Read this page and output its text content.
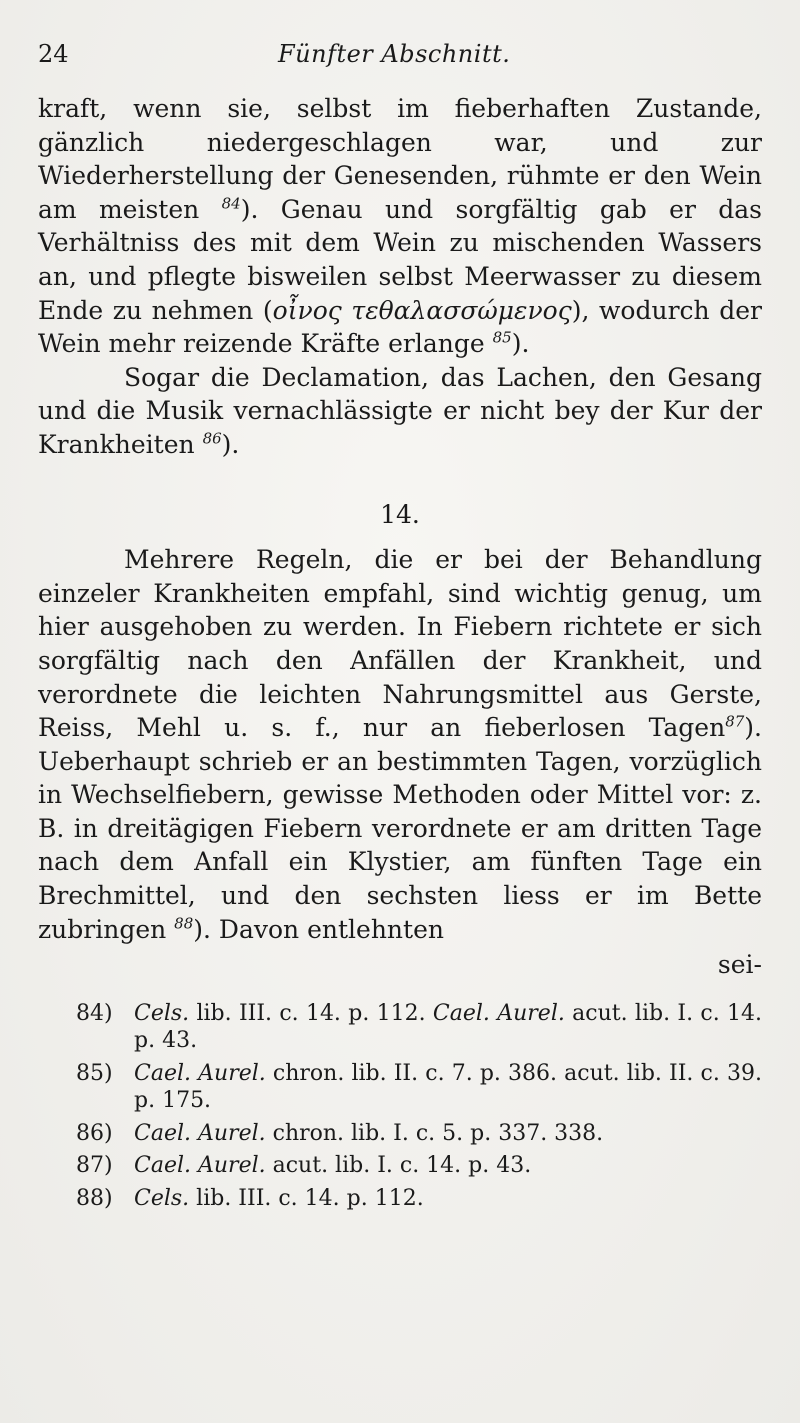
24	Fünfter Abschnitt.

kraft, wenn sie, selbst im fieberhaften Zustande, gänzlich niedergeschlagen war, und zur Wiederherstellung der Genesenden, rühmte er den Wein am meisten $^{84}$). Genau und sorgfältig gab er das Verhältniss des mit dem Wein zu mischenden Wassers an, und pflegte bisweilen selbst Meerwasser zu diesem Ende zu nehmen (οἶνος τεθαλασσώμενος), wodurch der Wein mehr reizende Kräfte erlange $^{85}$).

Sogar die Declamation, das Lachen, den Gesang und die Musik vernachlässigte er nicht bey der Kur der Krankheiten $^{86}$).

14.

Mehrere Regeln, die er bei der Behandlung einzeler Krankheiten empfahl, sind wichtig genug, um hier ausgehoben zu werden. In Fiebern richtete er sich sorgfältig nach den Anfällen der Krankheit, und verordnete die leichten Nahrungsmittel aus Gerste, Reiss, Mehl u. s. f., nur an fieberlosen Tagen$^{87}$). Ueberhaupt schrieb er an bestimmten Tagen, vorzüglich in Wechselfiebern, gewisse Methoden oder Mittel vor: z. B. in dreitägigen Fiebern verordnete er am dritten Tage nach dem Anfall ein Klystier, am fünften Tage ein Brechmittel, und den sechsten liess er im Bette zubringen $^{88}$). Davon entlehnten

sei-
84) Cels. lib. III. c. 14. p. 112. Cael. Aurel. acut. lib. I. c. 14. p. 43.
85) Cael. Aurel. chron. lib. II. c. 7. p. 386. acut. lib. II. c. 39. p. 175.
86) Cael. Aurel. chron. lib. I. c. 5. p. 337. 338.
87) Cael. Aurel. acut. lib. I. c. 14. p. 43.
88) Cels. lib. III. c. 14. p. 112.
